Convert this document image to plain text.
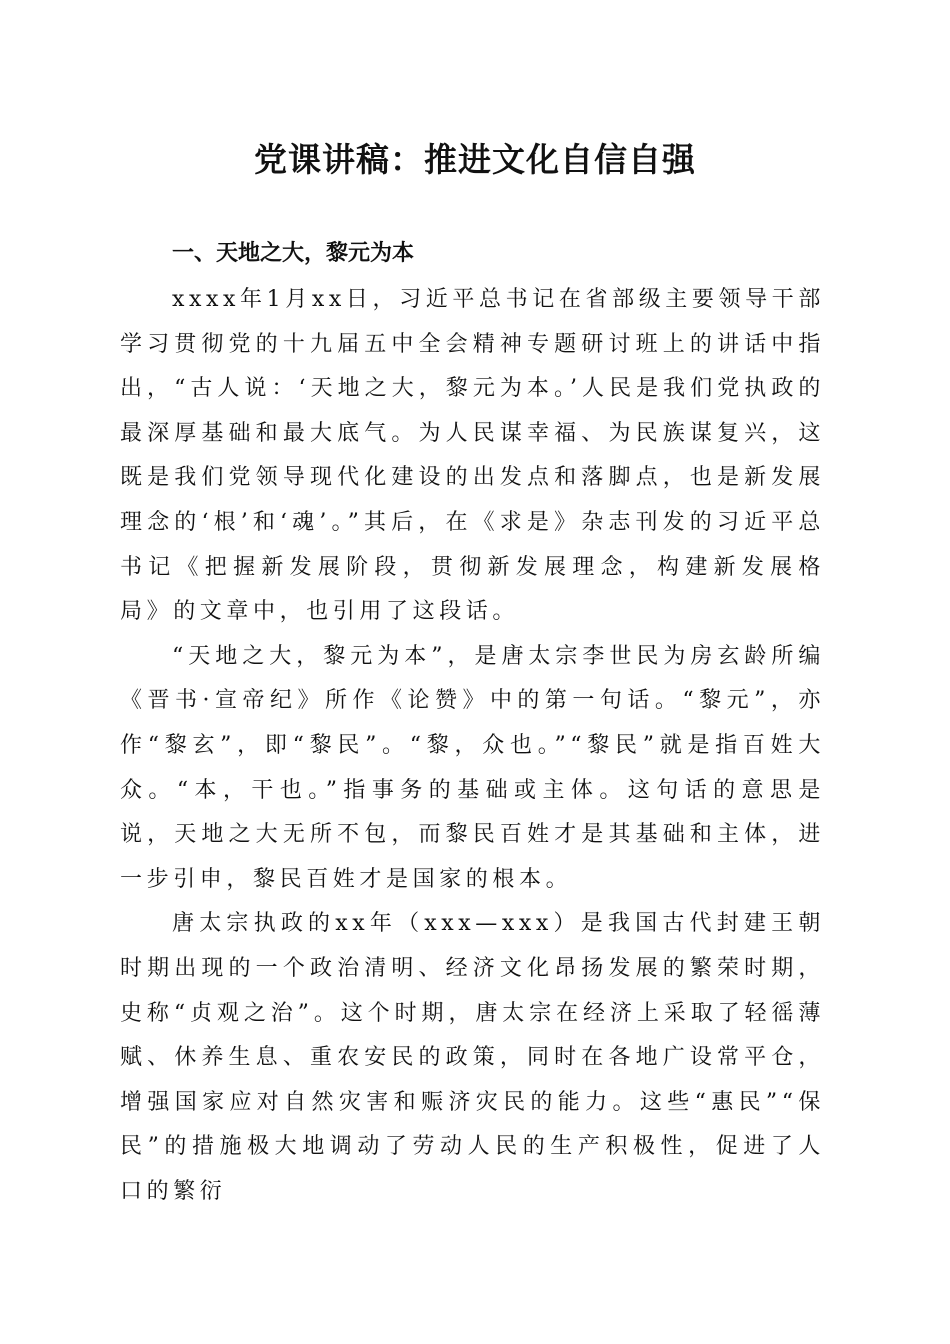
党课讲稿：推进文化自信自强
一、天地之大，黎元为本

xxxx年1月xx日，习近平总书记在省部级主要领导干部学习贯彻党的十九届五中全会精神专题研讨班上的讲话中指出，“古人说：‘天地之大，黎元为本。’人民是我们党执政的最深厚基础和最大底气。为人民谋幸福、为民族谋复兴，这既是我们党领导现代化建设的出发点和落脚点，也是新发展理念的‘根’和‘魂’。”其后，在《求是》杂志刊发的习近平总书记《把握新发展阶段，贯彻新发展理念，构建新发展格局》的文章中，也引用了这段话。

“天地之大，黎元为本”，是唐太宗李世民为房玄龄所编《晋书·宣帝纪》所作《论赞》中的第一句话。“黎元”，亦作“黎玄”，即“黎民”。“黎，众也。”“黎民”就是指百姓大众。“本，干也。”指事务的基础或主体。这句话的意思是说，天地之大无所不包，而黎民百姓才是其基础和主体，进一步引申，黎民百姓才是国家的根本。

唐太宗执政的xx年（xxx—xxx）是我国古代封建王朝时期出现的一个政治清明、经济文化昂扬发展的繁荣时期，史称“贞观之治”。这个时期，唐太宗在经济上采取了轻徭薄赋、休养生息、重农安民的政策，同时在各地广设常平仓，增强国家应对自然灾害和赈济灾民的能力。这些“惠民”“保民”的措施极大地调动了劳动人民的生产积极性，促进了人口的繁衍
